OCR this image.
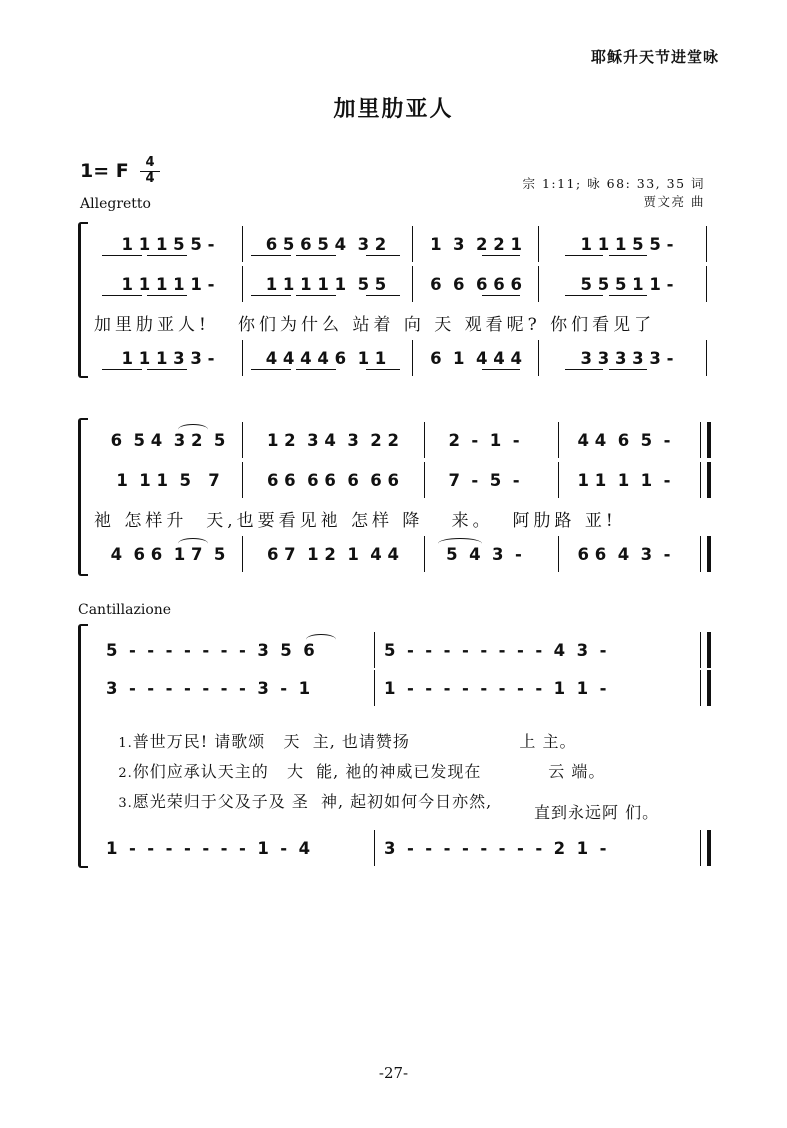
耶稣升天节进堂咏
加里肋亚人
1= F $\frac{4}{4}$
Allegretto
宗 1:11; 咏 68: 33, 35 词
贾文亮 曲
1 1 1 5 5 -	6 5 6 5 4  3 2	1  3  2 2 1	1 1 1 5 5 -
1 1 1 1 1 -	1 1 1 1 1  5 5	6  6  6 6 6	5 5 5 1 1 -
加里肋亚人!   你们为什么 站着 向 天 观看呢? 你们看见了
1 1 1 3 3 -	4 4 4 4 6  1 1	6  1  4 4 4	3 3 3 3 3 -
6  5 4  3 2  5	1 2  3 4  3  2 2	2  -  1  -	4 4  6  5  -
1  1 1  5   7	6 6  6 6  6  6 6	7  -  5  -	1 1  1  1  -
祂 怎样升  天,也要看见祂 怎样 降   来。  阿肋路 亚!
4  6 6  1 7  5	6 7  1 2  1  4 4	5  4  3  -	6 6  4  3  -
Cantillazione
5  -  -  -  -  -  -  -  3  5  6	5  -  -  -  -  -  -  -  -  4  3  -
3  -  -  -  -  -  -  -  3  -  1	1  -  -  -  -  -  -  -  -  1  1  -

1.普世万民! 请歌颂   天  主, 也请赞扬                  上 主。

2.你们应承认天主的   大  能, 祂的神威已发现在           云 端。

3.愿光荣归于父及子及 圣  神, 起初如何今日亦然,

直到永远阿 们。
1  -  -  -  -  -  -  -  1  -  4	3  -  -  -  -  -  -  -  -  2  1  -
-27-
